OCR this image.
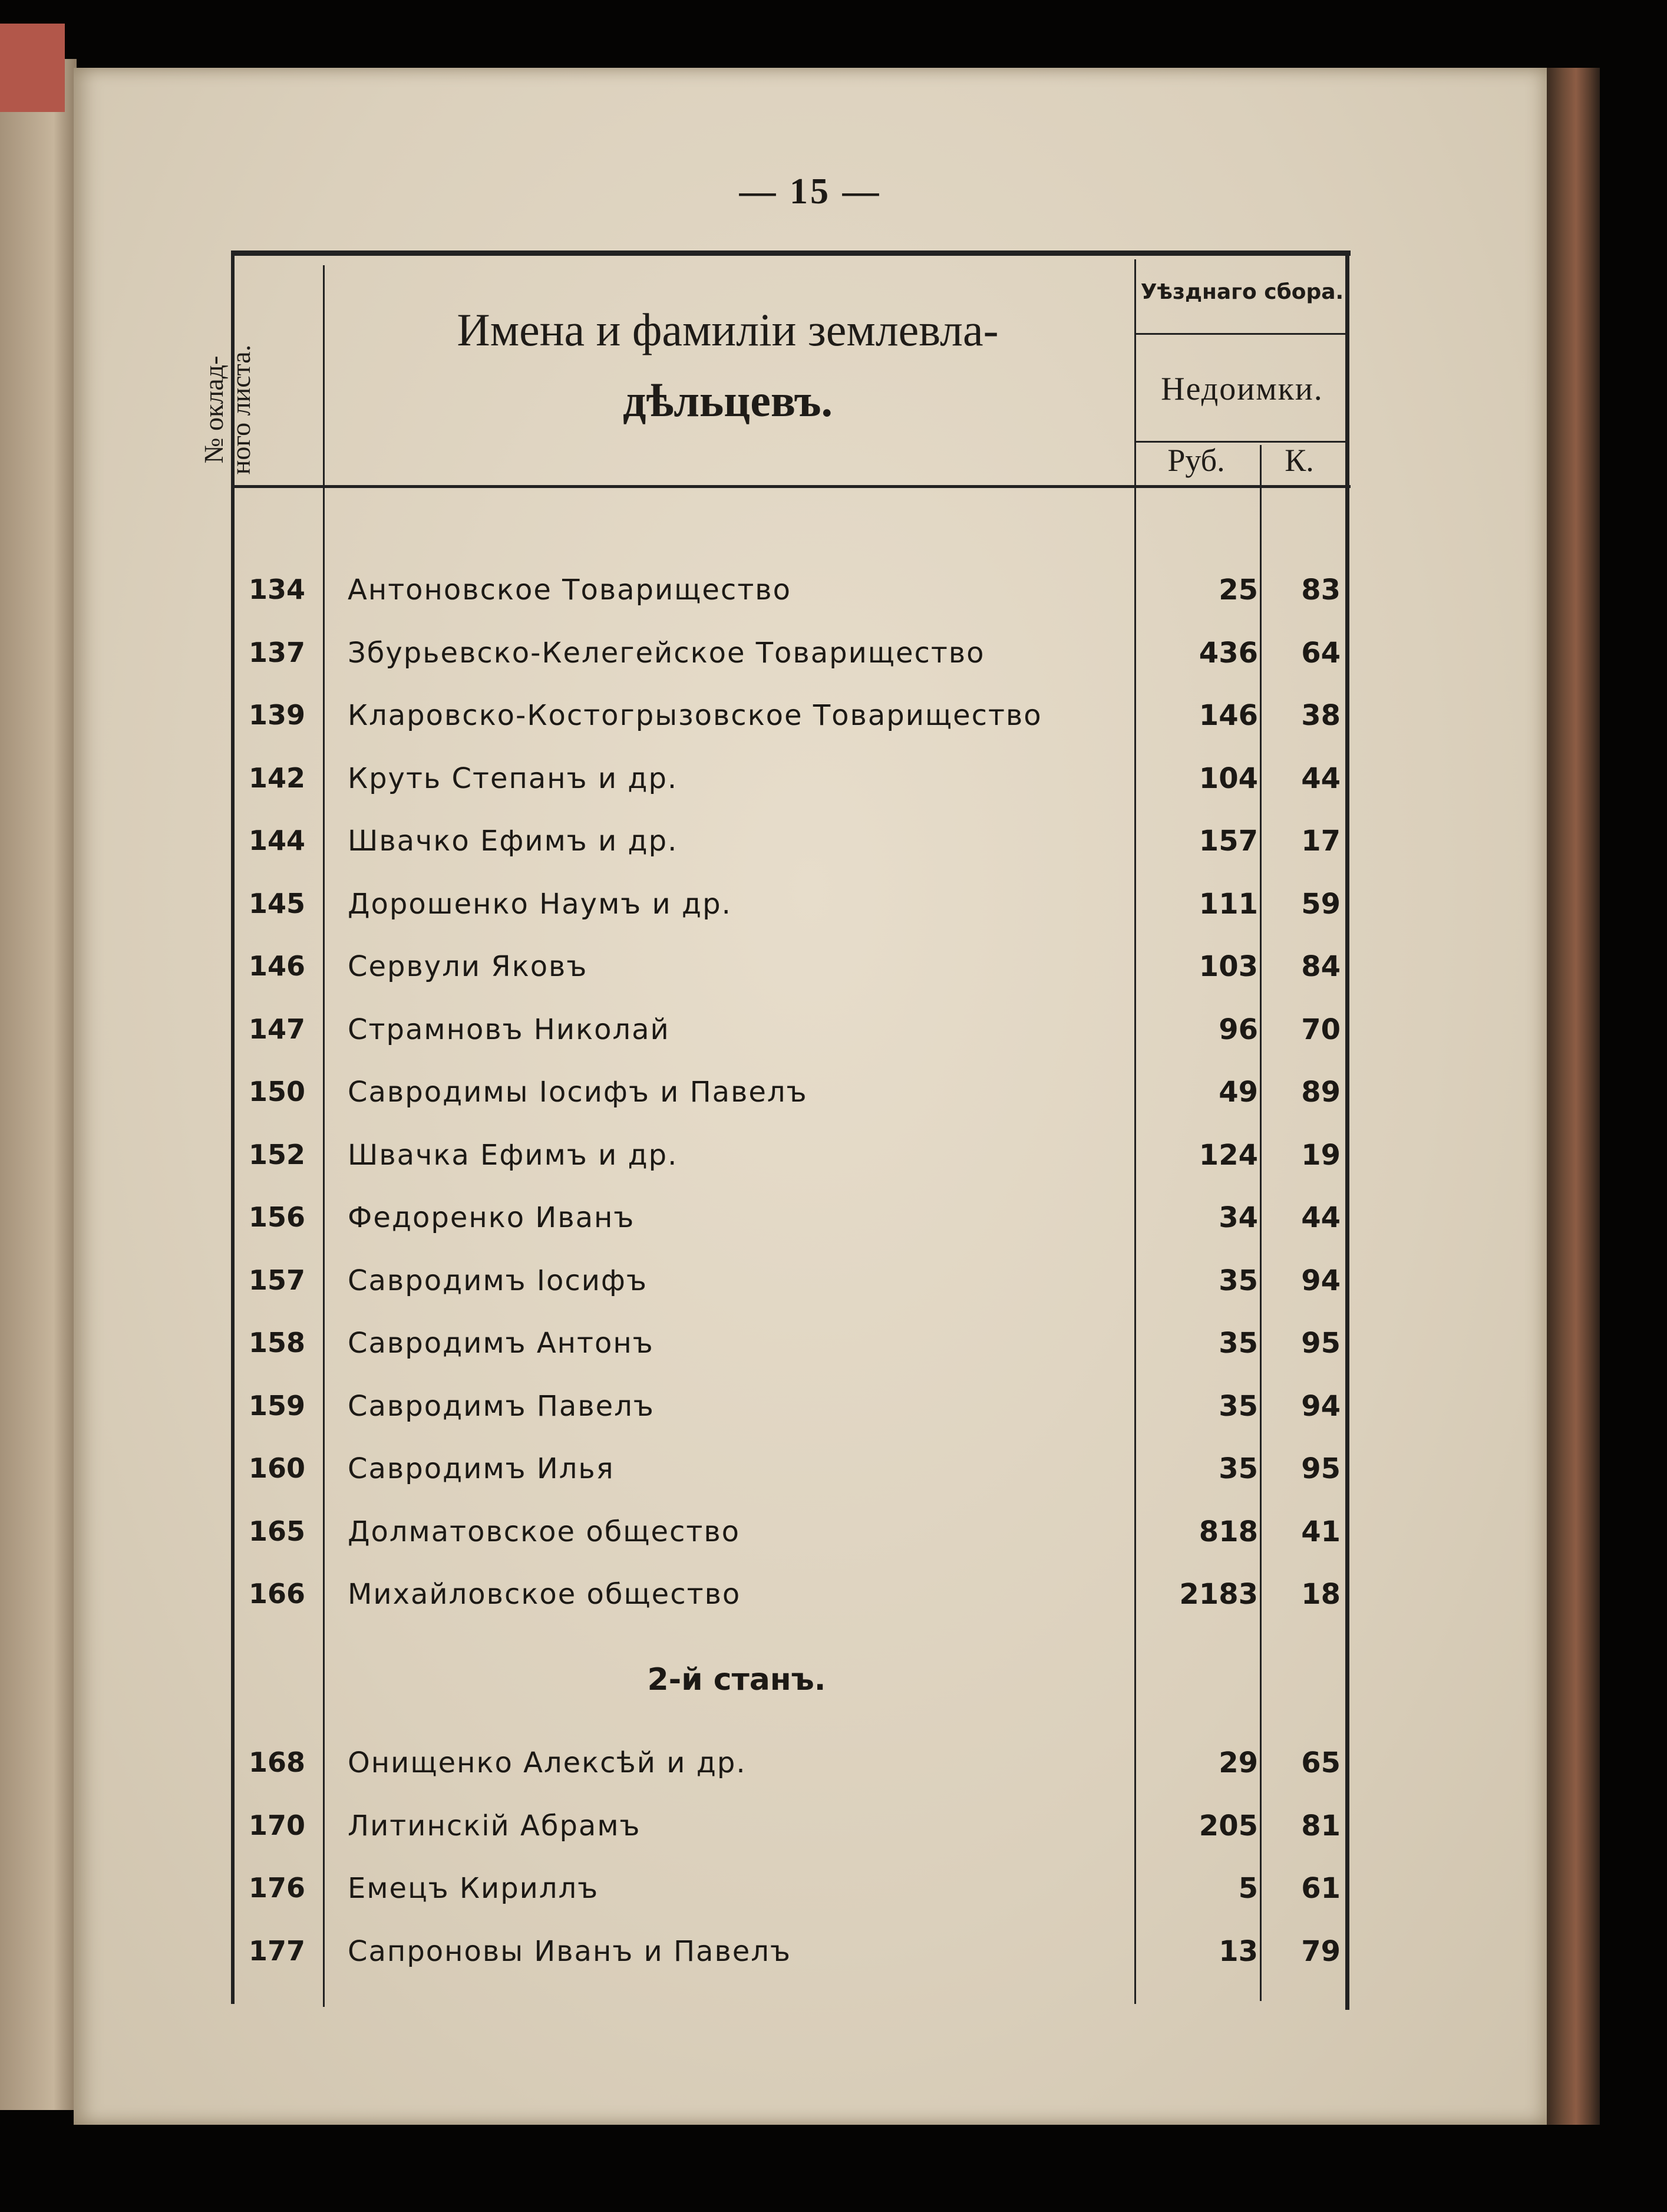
— 15 —
№ оклад-
ного листа.
Имена и фамилiи землевла-
дѣльцевъ.
Уѣзднаго сбора.
Недоимки.
Руб.	К.
134	Антоновское Товарищество	25	83
137	Збурьевско-Келегейское Товарищество	436	64
139	Кларовско-Костогрызовское Товарищество	146	38
142	Круть Степанъ и др.	104	44
144	Швачко Ефимъ и др.	157	17
145	Дорошенко Наумъ и др.	111	59
146	Сервули Яковъ	103	84
147	Страмновъ Николай	96	70
150	Савродимы Iосифъ и Павелъ	49	89
152	Швачка Ефимъ и др.	124	19
156	Федоренко Иванъ	34	44
157	Савродимъ Iосифъ	35	94
158	Савродимъ Антонъ	35	95
159	Савродимъ Павелъ	35	94
160	Савродимъ Илья	35	95
165	Долматовское общество	818	41
166	Михайловское общество	2183	18
168	Онищенко Алексѣй и др.	29	65
170	Литинскiй Абрамъ	205	81
176	Емецъ Кириллъ	5	61
177	Сапроновы Иванъ и Павелъ	13	79
2-й станъ.
